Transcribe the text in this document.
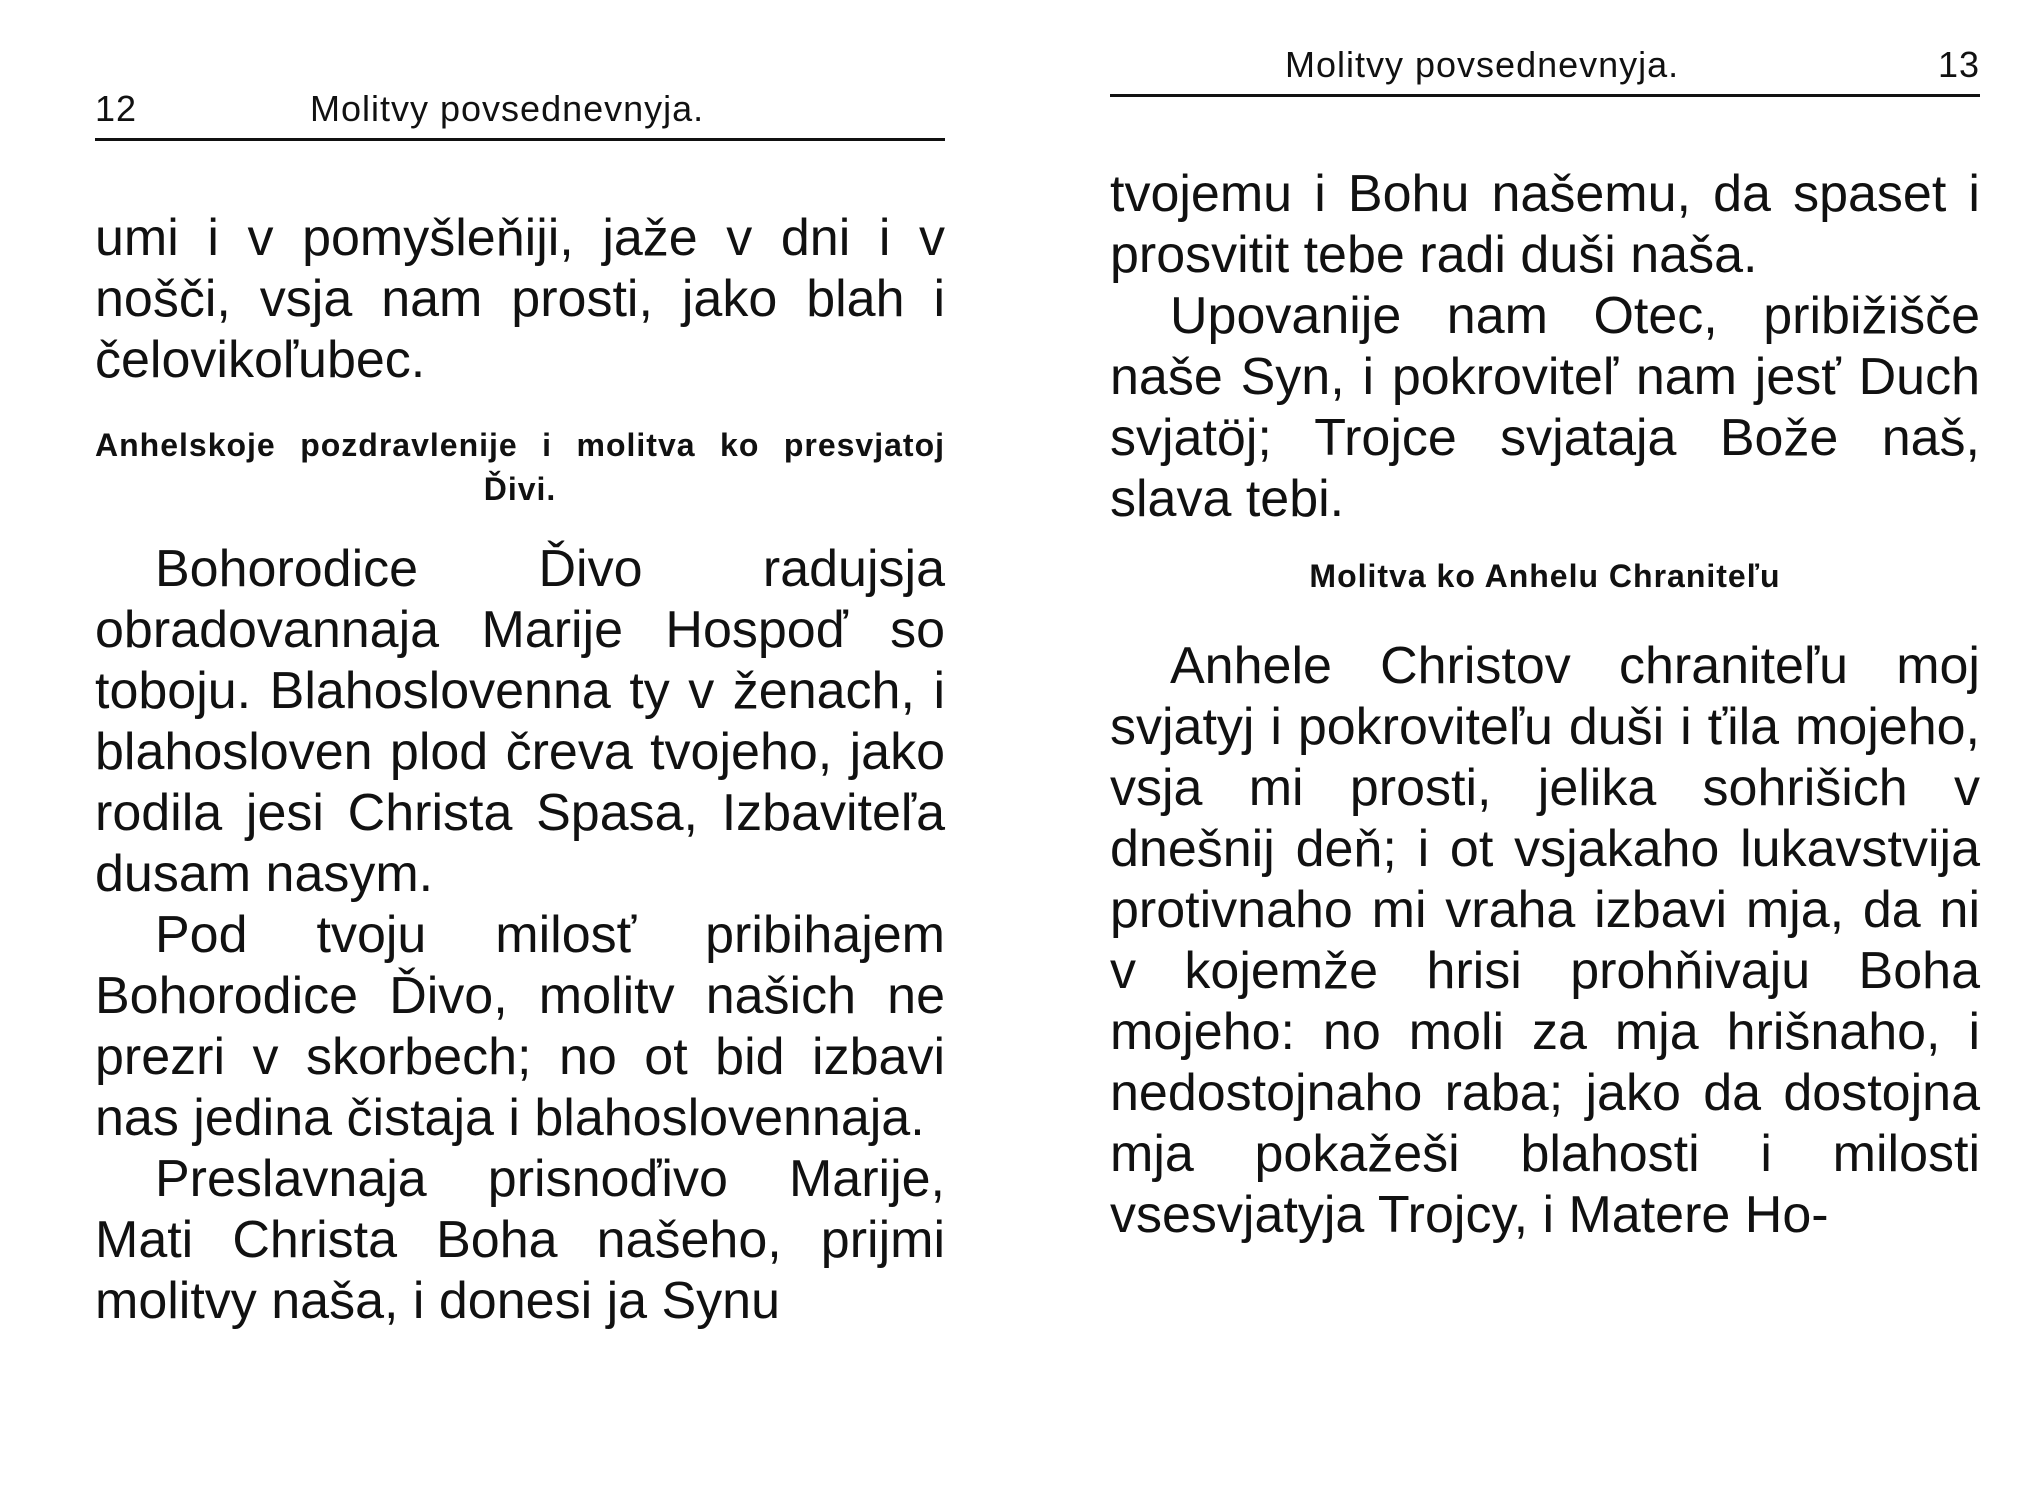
12	Molitvy povsednevnyja.

umi i v pomyšleňiji, jaže v dni i v nošči, vsja nam prosti, jako blah i čelovikoľubec.

Anhelskoje pozdravlenije i molitva ko presvjatoj Ďivi.

Bohorodice Ďivo radujsja obradovannaja Marije Hospoď so toboju. Blahoslovenna ty v ženach, i blahosloven plod čreva tvojeho, jako rodila jesi Christa Spasa, Izbaviteľa dusam nasym.

Pod tvoju milosť pribihajem Bohorodice Ďivo, molitv našich ne prezri v skorbech; no ot bid izbavi nas jedina čistaja i blahoslovennaja.

Preslavnaja prisnoďivo Marije, Mati Christa Boha našeho, prijmi molitvy naša, i donesi ja Synu

Molitvy povsednevnyja.	13

tvojemu i Bohu našemu, da spaset i prosvitit tebe radi duši naša.

Upovanije nam Otec, pribižišče naše Syn, i pokroviteľ nam jesť Duch svjatöj; Trojce svjataja Bože naš, slava tebi.

Molitva ko Anhelu Chraniteľu

Anhele Christov chraniteľu moj svjatyj i pokroviteľu duši i ťila mojeho, vsja mi prosti, jelika sohrišich v dnešnij deň; i ot vsjakaho lukavstvija protivnaho mi vraha izbavi mja, da ni v kojemže hrisi prohňivaju Boha mojeho: no moli za mja hrišnaho, i nedostojnaho raba; jako da dostojna mja pokažeši blahosti i milosti vsesvjatyja Trojcy, i Matere Ho-
